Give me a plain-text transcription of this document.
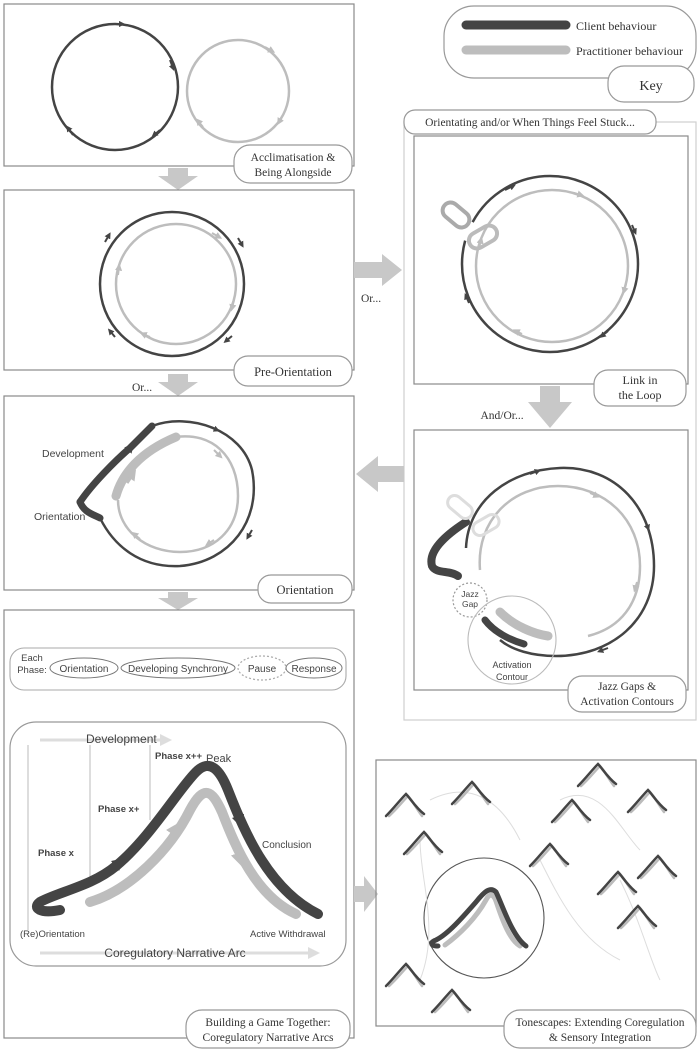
Client behaviour
Practitioner behaviour
Key
Acclimatisation &
Being Alongside
Pre-Orientation
Or...
Or...
Development
Orientation
Orientation
Orientating and/or When Things Feel Stuck...
Link in
the Loop
And/Or...
Jazz
Gap
Activation
Contour
Jazz Gaps &
Activation Contours
Each
Phase: Orientation Developing Synchrony Pause Response
Development
Phase x++
Phase x+
Phase x
Peak
Conclusion
(Re)Orientation	Active Withdrawal
Coregulatory Narrative Arc
Building a Game Together:
Coregulatory Narrative Arcs
Tonescapes: Extending Coregulation
& Sensory Integration
